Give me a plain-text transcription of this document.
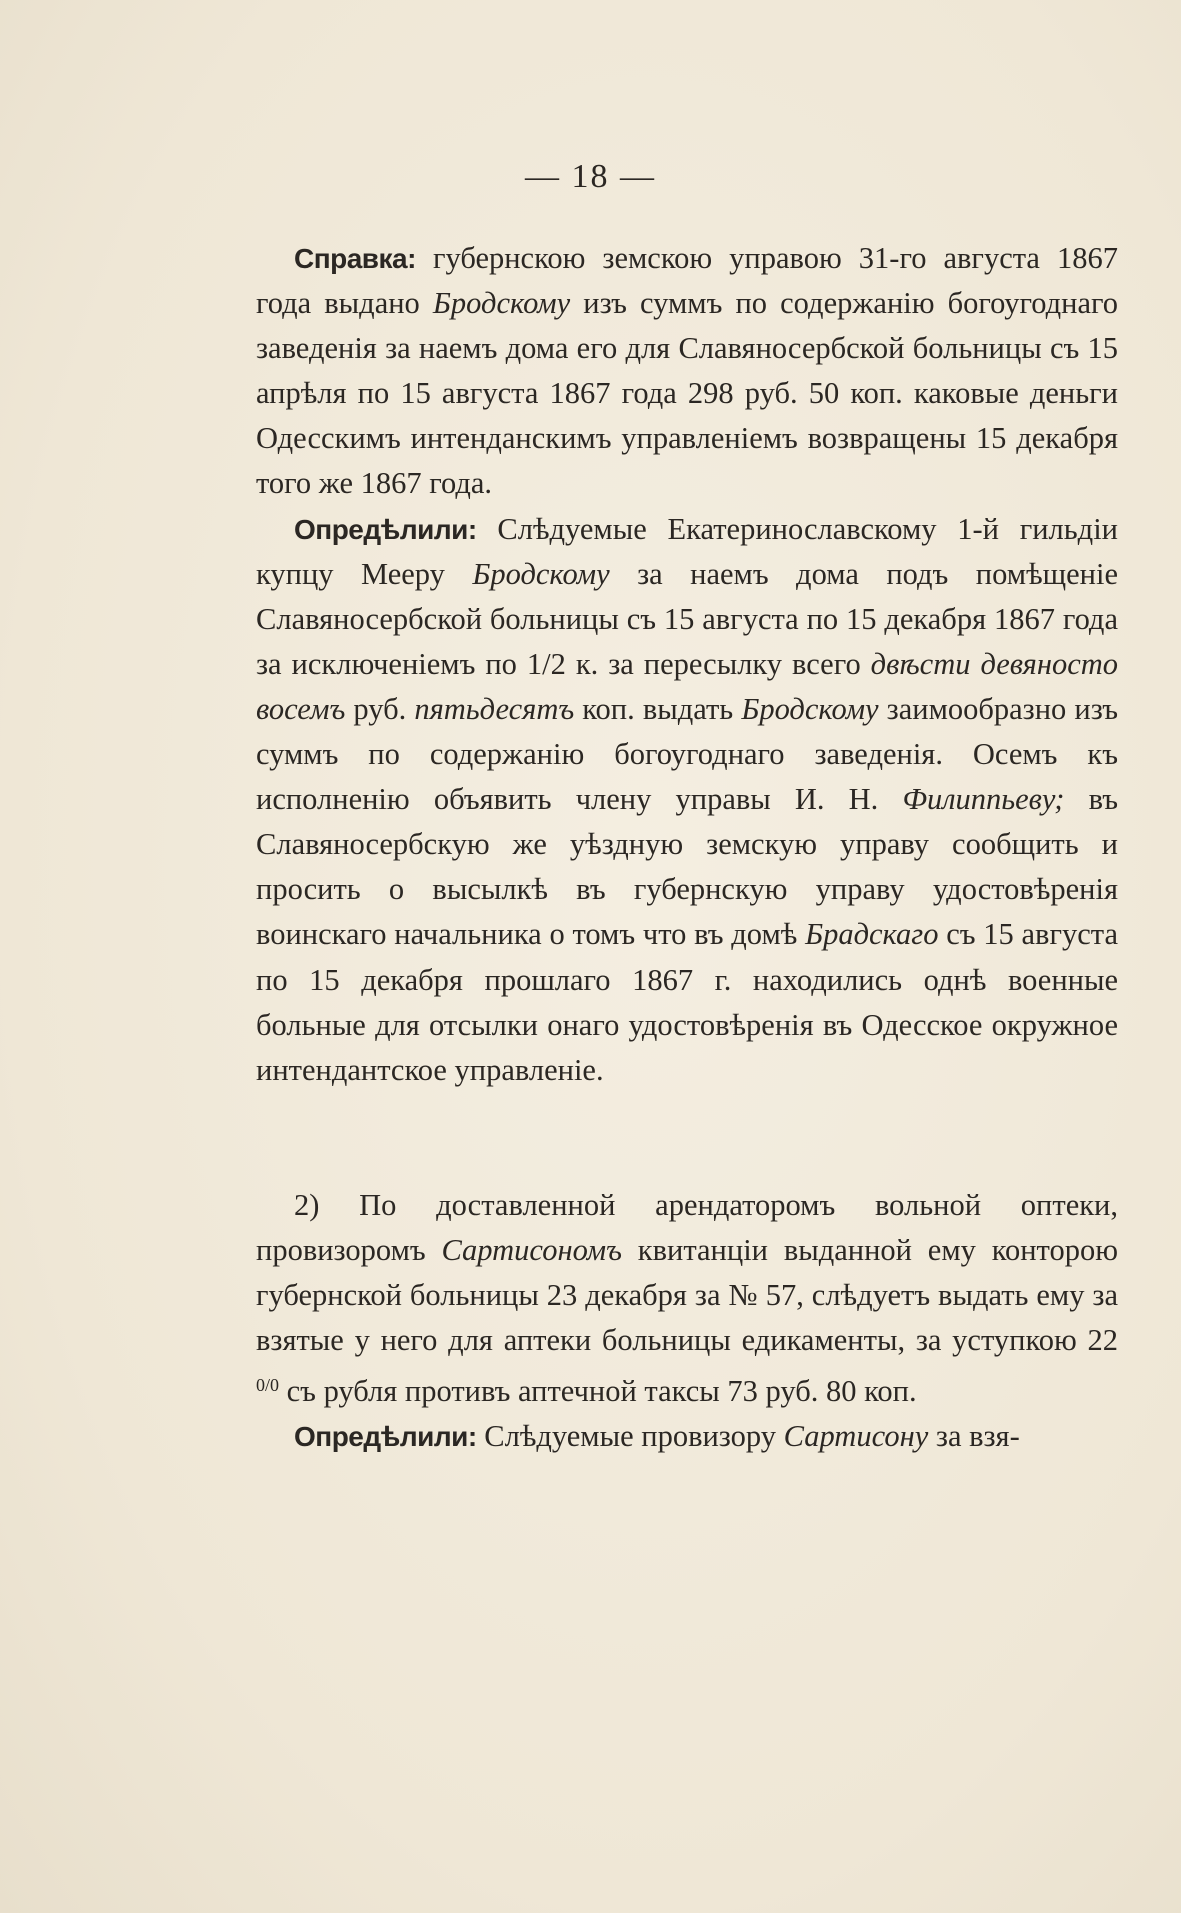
— 18 —

Справка: губернскою земскою управою 31-го августа 1867 года выдано Бродскому изъ суммъ по содержанію богоугоднаго заведенія за наемъ дома его для Славяносербской больницы съ 15 апрѣля по 15 августа 1867 года 298 руб. 50 коп. каковые деньги Одесскимъ интенданскимъ управленіемъ возвращены 15 декабря того же 1867 года.

Опредѣлили: Слѣдуемые Екатеринославскому 1-й гильдіи купцу Мееру Бродскому за наемъ дома подъ помѣщеніе Славяносербской больницы съ 15 августа по 15 декабря 1867 года за исключеніемъ по 1/2 к. за пересылку всего двѣсти девяносто восемъ руб. пятьдесятъ коп. выдать Бродскому заимообразно изъ суммъ по содержанію богоугоднаго заведенія. Осемъ къ исполненію объявить члену управы И. Н. Филиппьеву; въ Славяносербскую же уѣздную земскую управу сообщить и просить о высылкѣ въ губернскую управу удостовѣренія воинскаго начальника о томъ что въ домѣ Брадскаго съ 15 августа по 15 декабря прошлаго 1867 г. находились однѣ военные больные для отсылки онаго удостовѣренія въ Одесское окружное интендантское управленіе.

2) По доставленной арендаторомъ вольной оптеки, провизоромъ Сартисономъ квитанціи выданной ему конторою губернской больницы 23 декабря за № 57, слѣдуетъ выдать ему за взятые у него для аптеки больницы едикаменты, за уступкою 22 $^{0/0}$ съ рубля противъ аптечной таксы 73 руб. 80 коп.

Опредѣлили: Слѣдуемые провизору Сартисону за взя-
